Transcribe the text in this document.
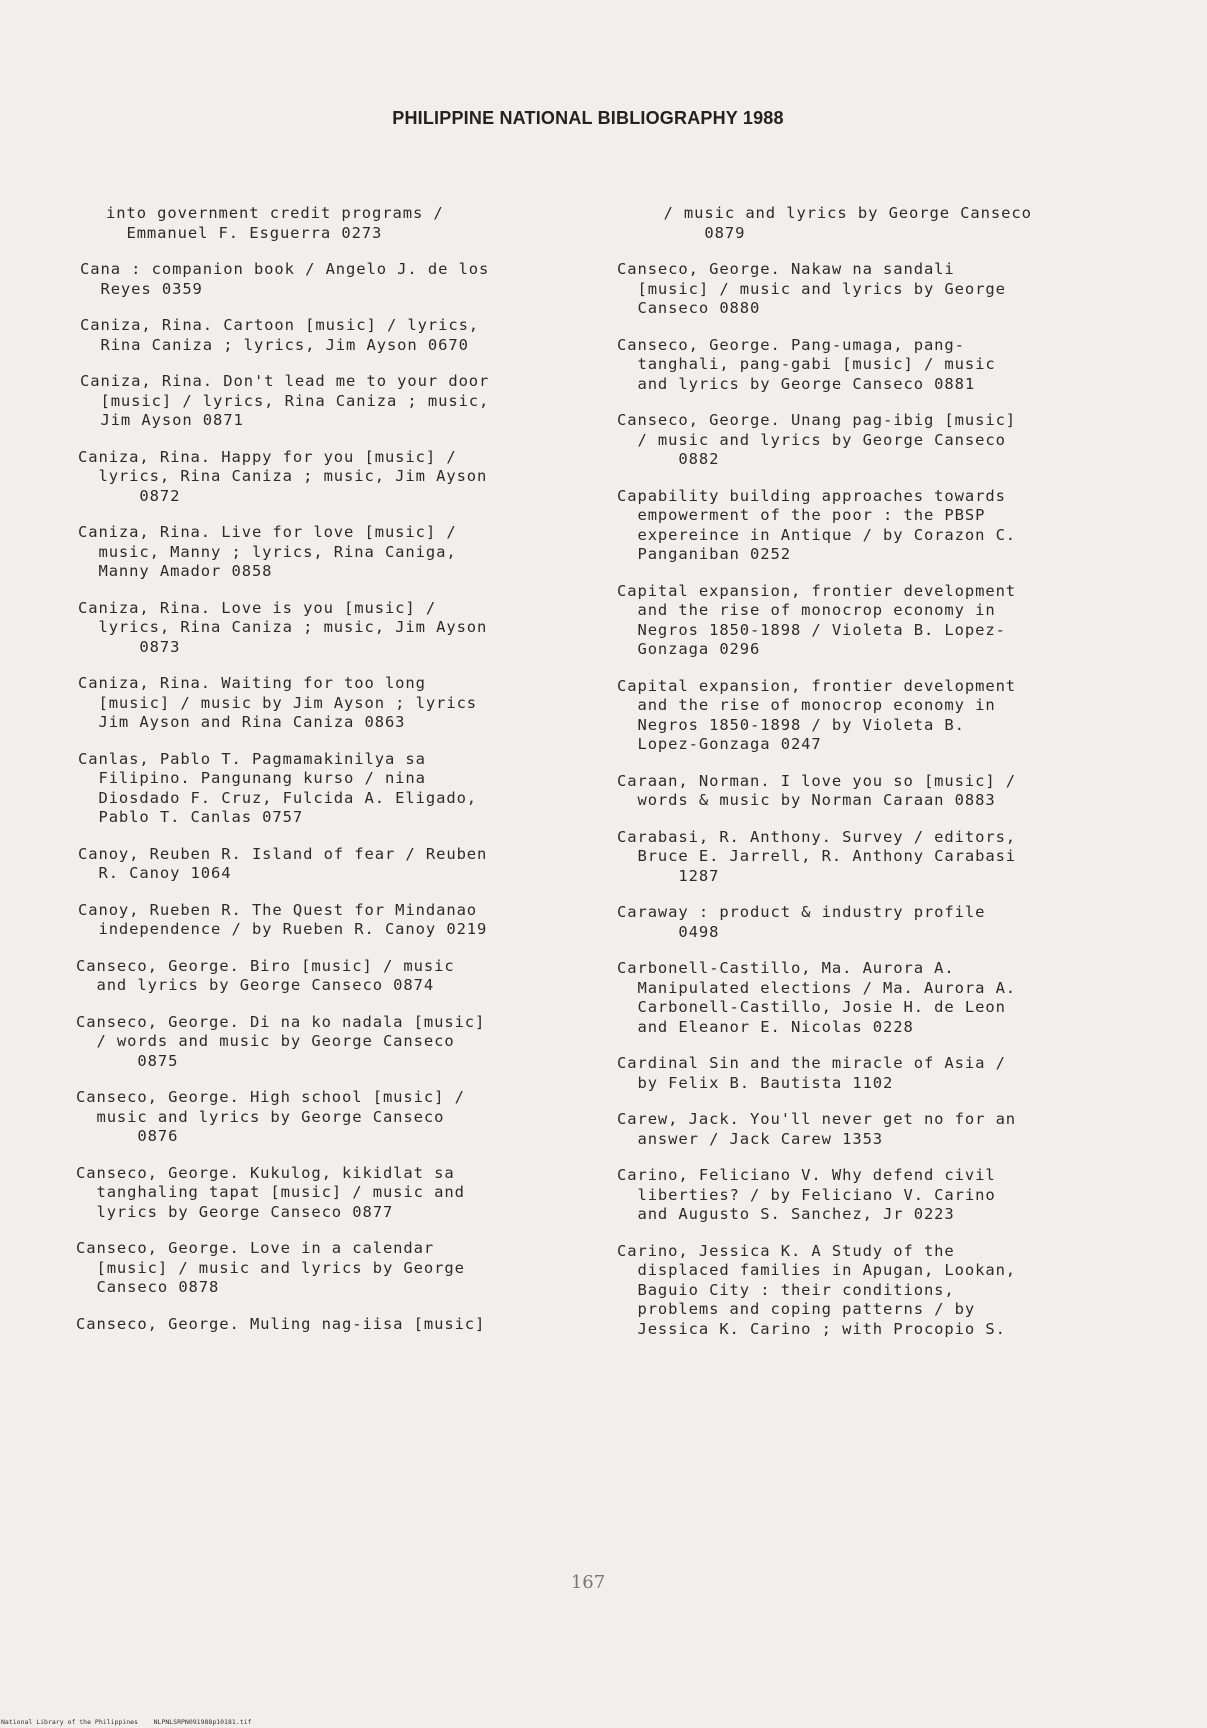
PHILIPPINE NATIONAL BIBLIOGRAPHY 1988

into government credit programs /
Emmanuel F. Esguerra 0273

Cana : companion book / Angelo J. de los
Reyes 0359

Caniza, Rina. Cartoon [music] / lyrics,
Rina Caniza ; lyrics, Jim Ayson 0670

Caniza, Rina. Don't lead me to your door
[music] / lyrics, Rina Caniza ; music,
Jim Ayson 0871

Caniza, Rina. Happy for you [music] /
lyrics, Rina Caniza ; music, Jim Ayson
0872

Caniza, Rina. Live for love [music] /
music, Manny ; lyrics, Rina Caniga,
Manny Amador 0858

Caniza, Rina. Love is you [music] /
lyrics, Rina Caniza ; music, Jim Ayson
0873

Caniza, Rina. Waiting for too long
[music] / music by Jim Ayson ; lyrics
Jim Ayson and Rina Caniza 0863

Canlas, Pablo T. Pagmamakinilya sa
Filipino. Pangunang kurso / nina
Diosdado F. Cruz, Fulcida A. Eligado,
Pablo T. Canlas 0757

Canoy, Reuben R. Island of fear / Reuben
R. Canoy 1064

Canoy, Rueben R. The Quest for Mindanao
independence / by Rueben R. Canoy 0219

Canseco, George. Biro [music] / music
and lyrics by George Canseco 0874

Canseco, George. Di na ko nadala [music]
/ words and music by George Canseco
0875

Canseco, George. High school [music] /
music and lyrics by George Canseco
0876

Canseco, George. Kukulog, kikidlat sa
tanghaling tapat [music] / music and
lyrics by George Canseco 0877

Canseco, George. Love in a calendar
[music] / music and lyrics by George
Canseco 0878

Canseco, George. Muling nag-iisa [music]

/ music and lyrics by George Canseco
0879

Canseco, George. Nakaw na sandali
[music] / music and lyrics by George
Canseco 0880

Canseco, George. Pang-umaga, pang-
tanghali, pang-gabi [music] / music
and lyrics by George Canseco 0881

Canseco, George. Unang pag-ibig [music]
/ music and lyrics by George Canseco
0882

Capability building approaches towards
empowerment of the poor : the PBSP
expereince in Antique / by Corazon C.
Panganiban 0252

Capital expansion, frontier development
and the rise of monocrop economy in
Negros 1850-1898 / Violeta B. Lopez-
Gonzaga 0296

Capital expansion, frontier development
and the rise of monocrop economy in
Negros 1850-1898 / by Violeta B.
Lopez-Gonzaga 0247

Caraan, Norman. I love you so [music] /
words & music by Norman Caraan 0883

Carabasi, R. Anthony. Survey / editors,
Bruce E. Jarrell, R. Anthony Carabasi
1287

Caraway : product & industry profile
0498

Carbonell-Castillo, Ma. Aurora A.
Manipulated elections / Ma. Aurora A.
Carbonell-Castillo, Josie H. de Leon
and Eleanor E. Nicolas 0228

Cardinal Sin and the miracle of Asia /
by Felix B. Bautista 1102

Carew, Jack. You'll never get no for an
answer / Jack Carew 1353

Carino, Feliciano V. Why defend civil
liberties? / by Feliciano V. Carino
and Augusto S. Sanchez, Jr 0223

Carino, Jessica K. A Study of the
displaced families in Apugan, Lookan,
Baguio City : their conditions,
problems and coping patterns / by
Jessica K. Carino ; with Procopio S.

167
National Library of the Philippines    NLPNLSRPN091988p10181.tif
